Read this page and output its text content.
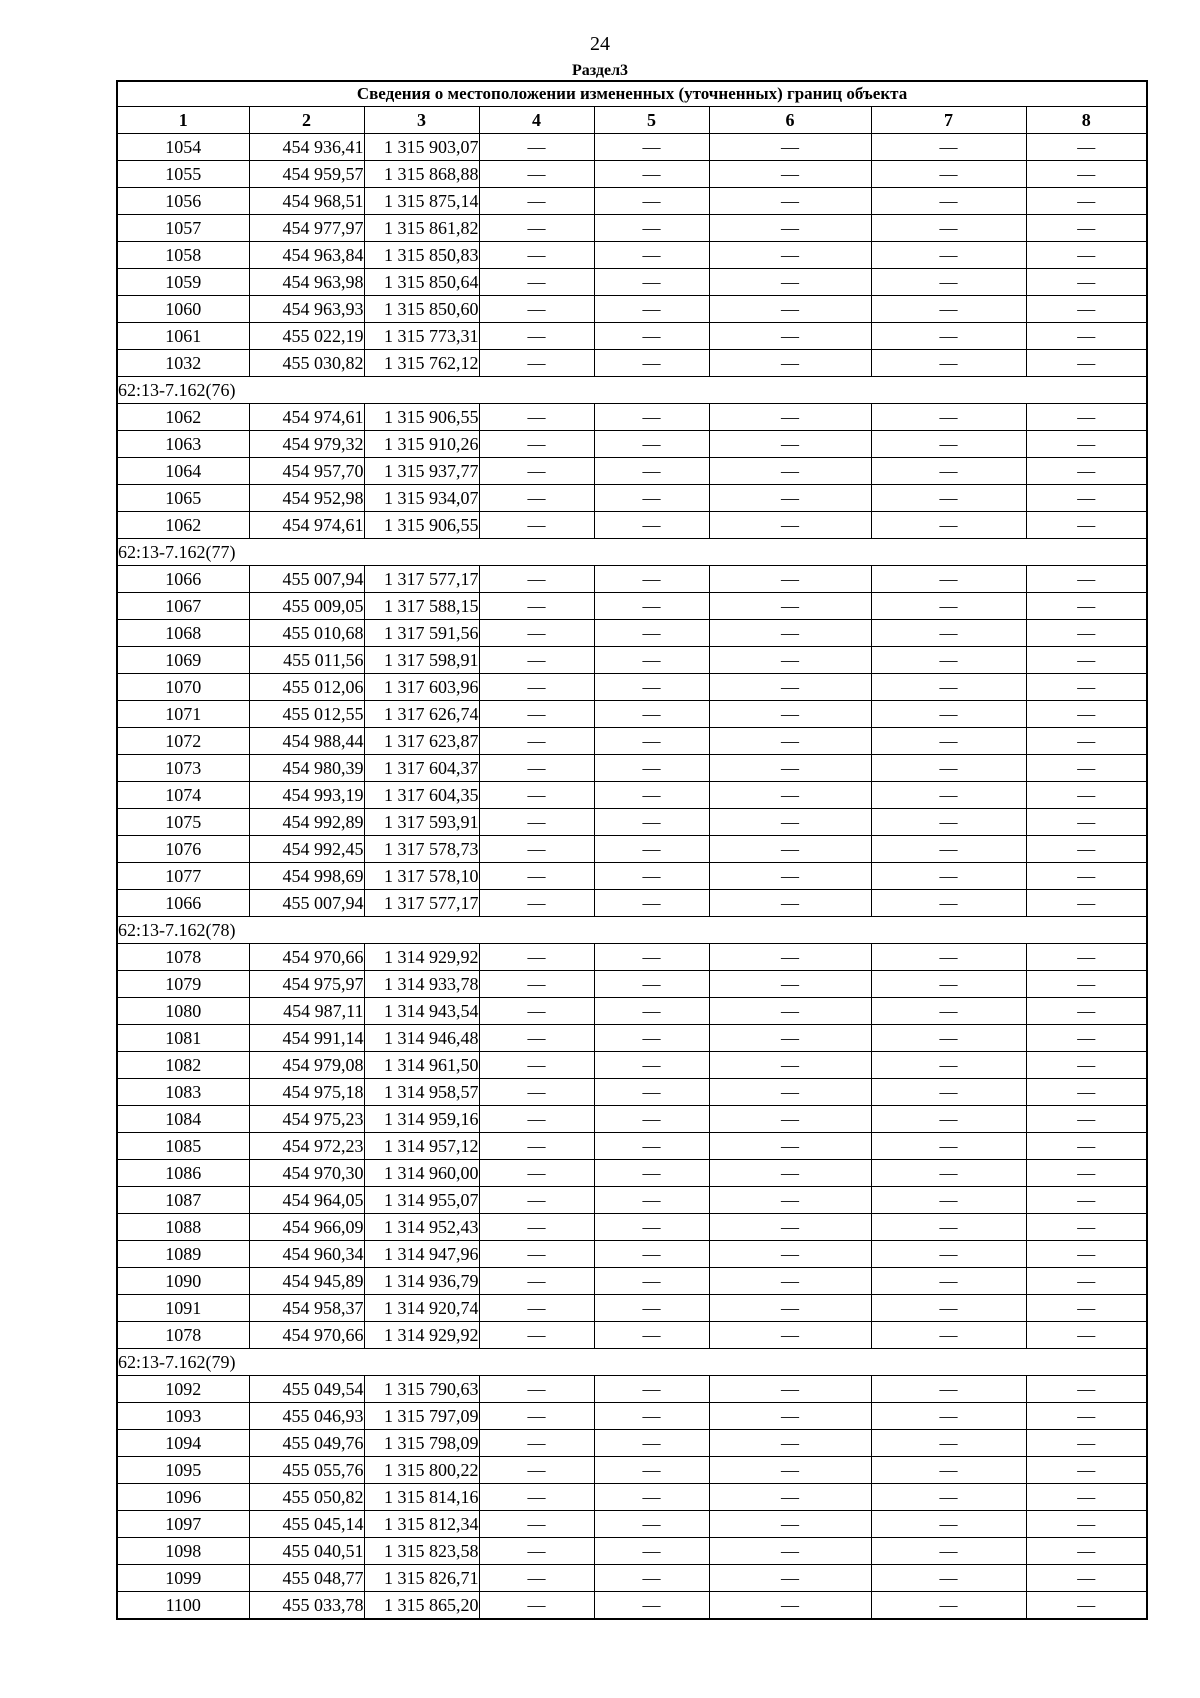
24
Раздел3
Сведения о местоположении измененных (уточненных) границ объекта							
1	2	3	4	5	6	7	8
1054	454 936,41	1 315 903,07	—	—	—	—	—
1055	454 959,57	1 315 868,88	—	—	—	—	—
1056	454 968,51	1 315 875,14	—	—	—	—	—
1057	454 977,97	1 315 861,82	—	—	—	—	—
1058	454 963,84	1 315 850,83	—	—	—	—	—
1059	454 963,98	1 315 850,64	—	—	—	—	—
1060	454 963,93	1 315 850,60	—	—	—	—	—
1061	455 022,19	1 315 773,31	—	—	—	—	—
1032	455 030,82	1 315 762,12	—	—	—	—	—
62:13-7.162(76)							
1062	454 974,61	1 315 906,55	—	—	—	—	—
1063	454 979,32	1 315 910,26	—	—	—	—	—
1064	454 957,70	1 315 937,77	—	—	—	—	—
1065	454 952,98	1 315 934,07	—	—	—	—	—
1062	454 974,61	1 315 906,55	—	—	—	—	—
62:13-7.162(77)							
1066	455 007,94	1 317 577,17	—	—	—	—	—
1067	455 009,05	1 317 588,15	—	—	—	—	—
1068	455 010,68	1 317 591,56	—	—	—	—	—
1069	455 011,56	1 317 598,91	—	—	—	—	—
1070	455 012,06	1 317 603,96	—	—	—	—	—
1071	455 012,55	1 317 626,74	—	—	—	—	—
1072	454 988,44	1 317 623,87	—	—	—	—	—
1073	454 980,39	1 317 604,37	—	—	—	—	—
1074	454 993,19	1 317 604,35	—	—	—	—	—
1075	454 992,89	1 317 593,91	—	—	—	—	—
1076	454 992,45	1 317 578,73	—	—	—	—	—
1077	454 998,69	1 317 578,10	—	—	—	—	—
1066	455 007,94	1 317 577,17	—	—	—	—	—
62:13-7.162(78)							
1078	454 970,66	1 314 929,92	—	—	—	—	—
1079	454 975,97	1 314 933,78	—	—	—	—	—
1080	454 987,11	1 314 943,54	—	—	—	—	—
1081	454 991,14	1 314 946,48	—	—	—	—	—
1082	454 979,08	1 314 961,50	—	—	—	—	—
1083	454 975,18	1 314 958,57	—	—	—	—	—
1084	454 975,23	1 314 959,16	—	—	—	—	—
1085	454 972,23	1 314 957,12	—	—	—	—	—
1086	454 970,30	1 314 960,00	—	—	—	—	—
1087	454 964,05	1 314 955,07	—	—	—	—	—
1088	454 966,09	1 314 952,43	—	—	—	—	—
1089	454 960,34	1 314 947,96	—	—	—	—	—
1090	454 945,89	1 314 936,79	—	—	—	—	—
1091	454 958,37	1 314 920,74	—	—	—	—	—
1078	454 970,66	1 314 929,92	—	—	—	—	—
62:13-7.162(79)							
1092	455 049,54	1 315 790,63	—	—	—	—	—
1093	455 046,93	1 315 797,09	—	—	—	—	—
1094	455 049,76	1 315 798,09	—	—	—	—	—
1095	455 055,76	1 315 800,22	—	—	—	—	—
1096	455 050,82	1 315 814,16	—	—	—	—	—
1097	455 045,14	1 315 812,34	—	—	—	—	—
1098	455 040,51	1 315 823,58	—	—	—	—	—
1099	455 048,77	1 315 826,71	—	—	—	—	—
1100	455 033,78	1 315 865,20	—	—	—	—	—
